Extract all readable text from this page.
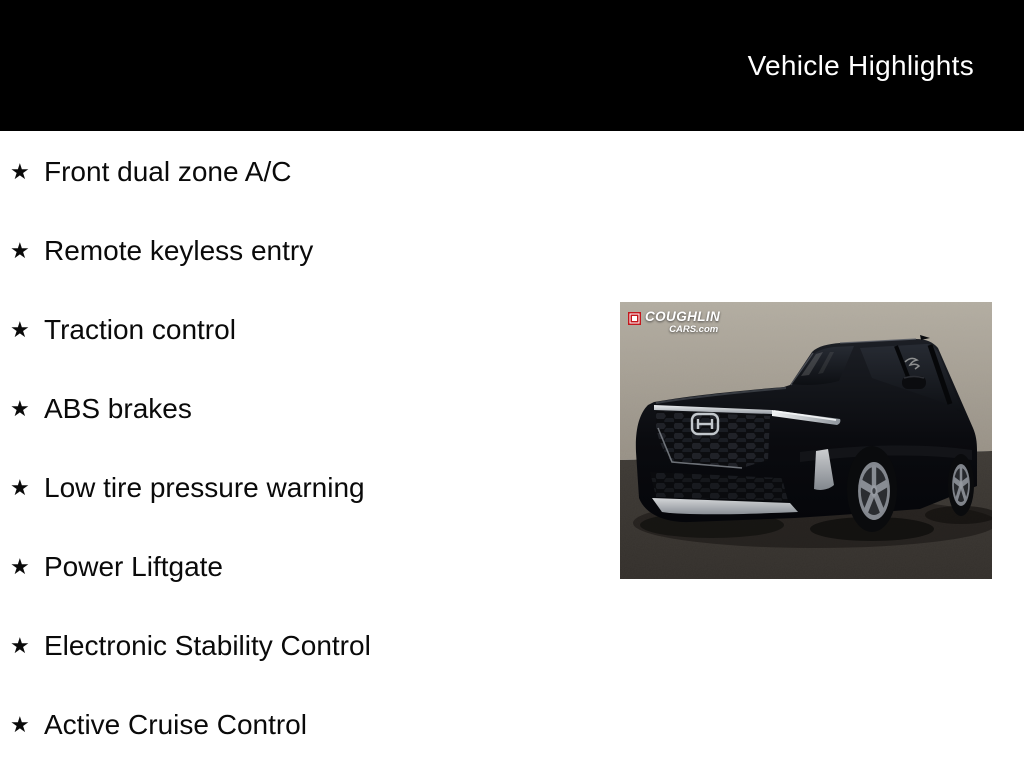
Vehicle Highlights
★ Front dual zone A/C
★ Remote keyless entry
★ Traction control
★ ABS brakes
★ Low tire pressure warning
★ Power Liftgate
★ Electronic Stability Control
★ Active Cruise Control
COUGHLIN
CARS.com
